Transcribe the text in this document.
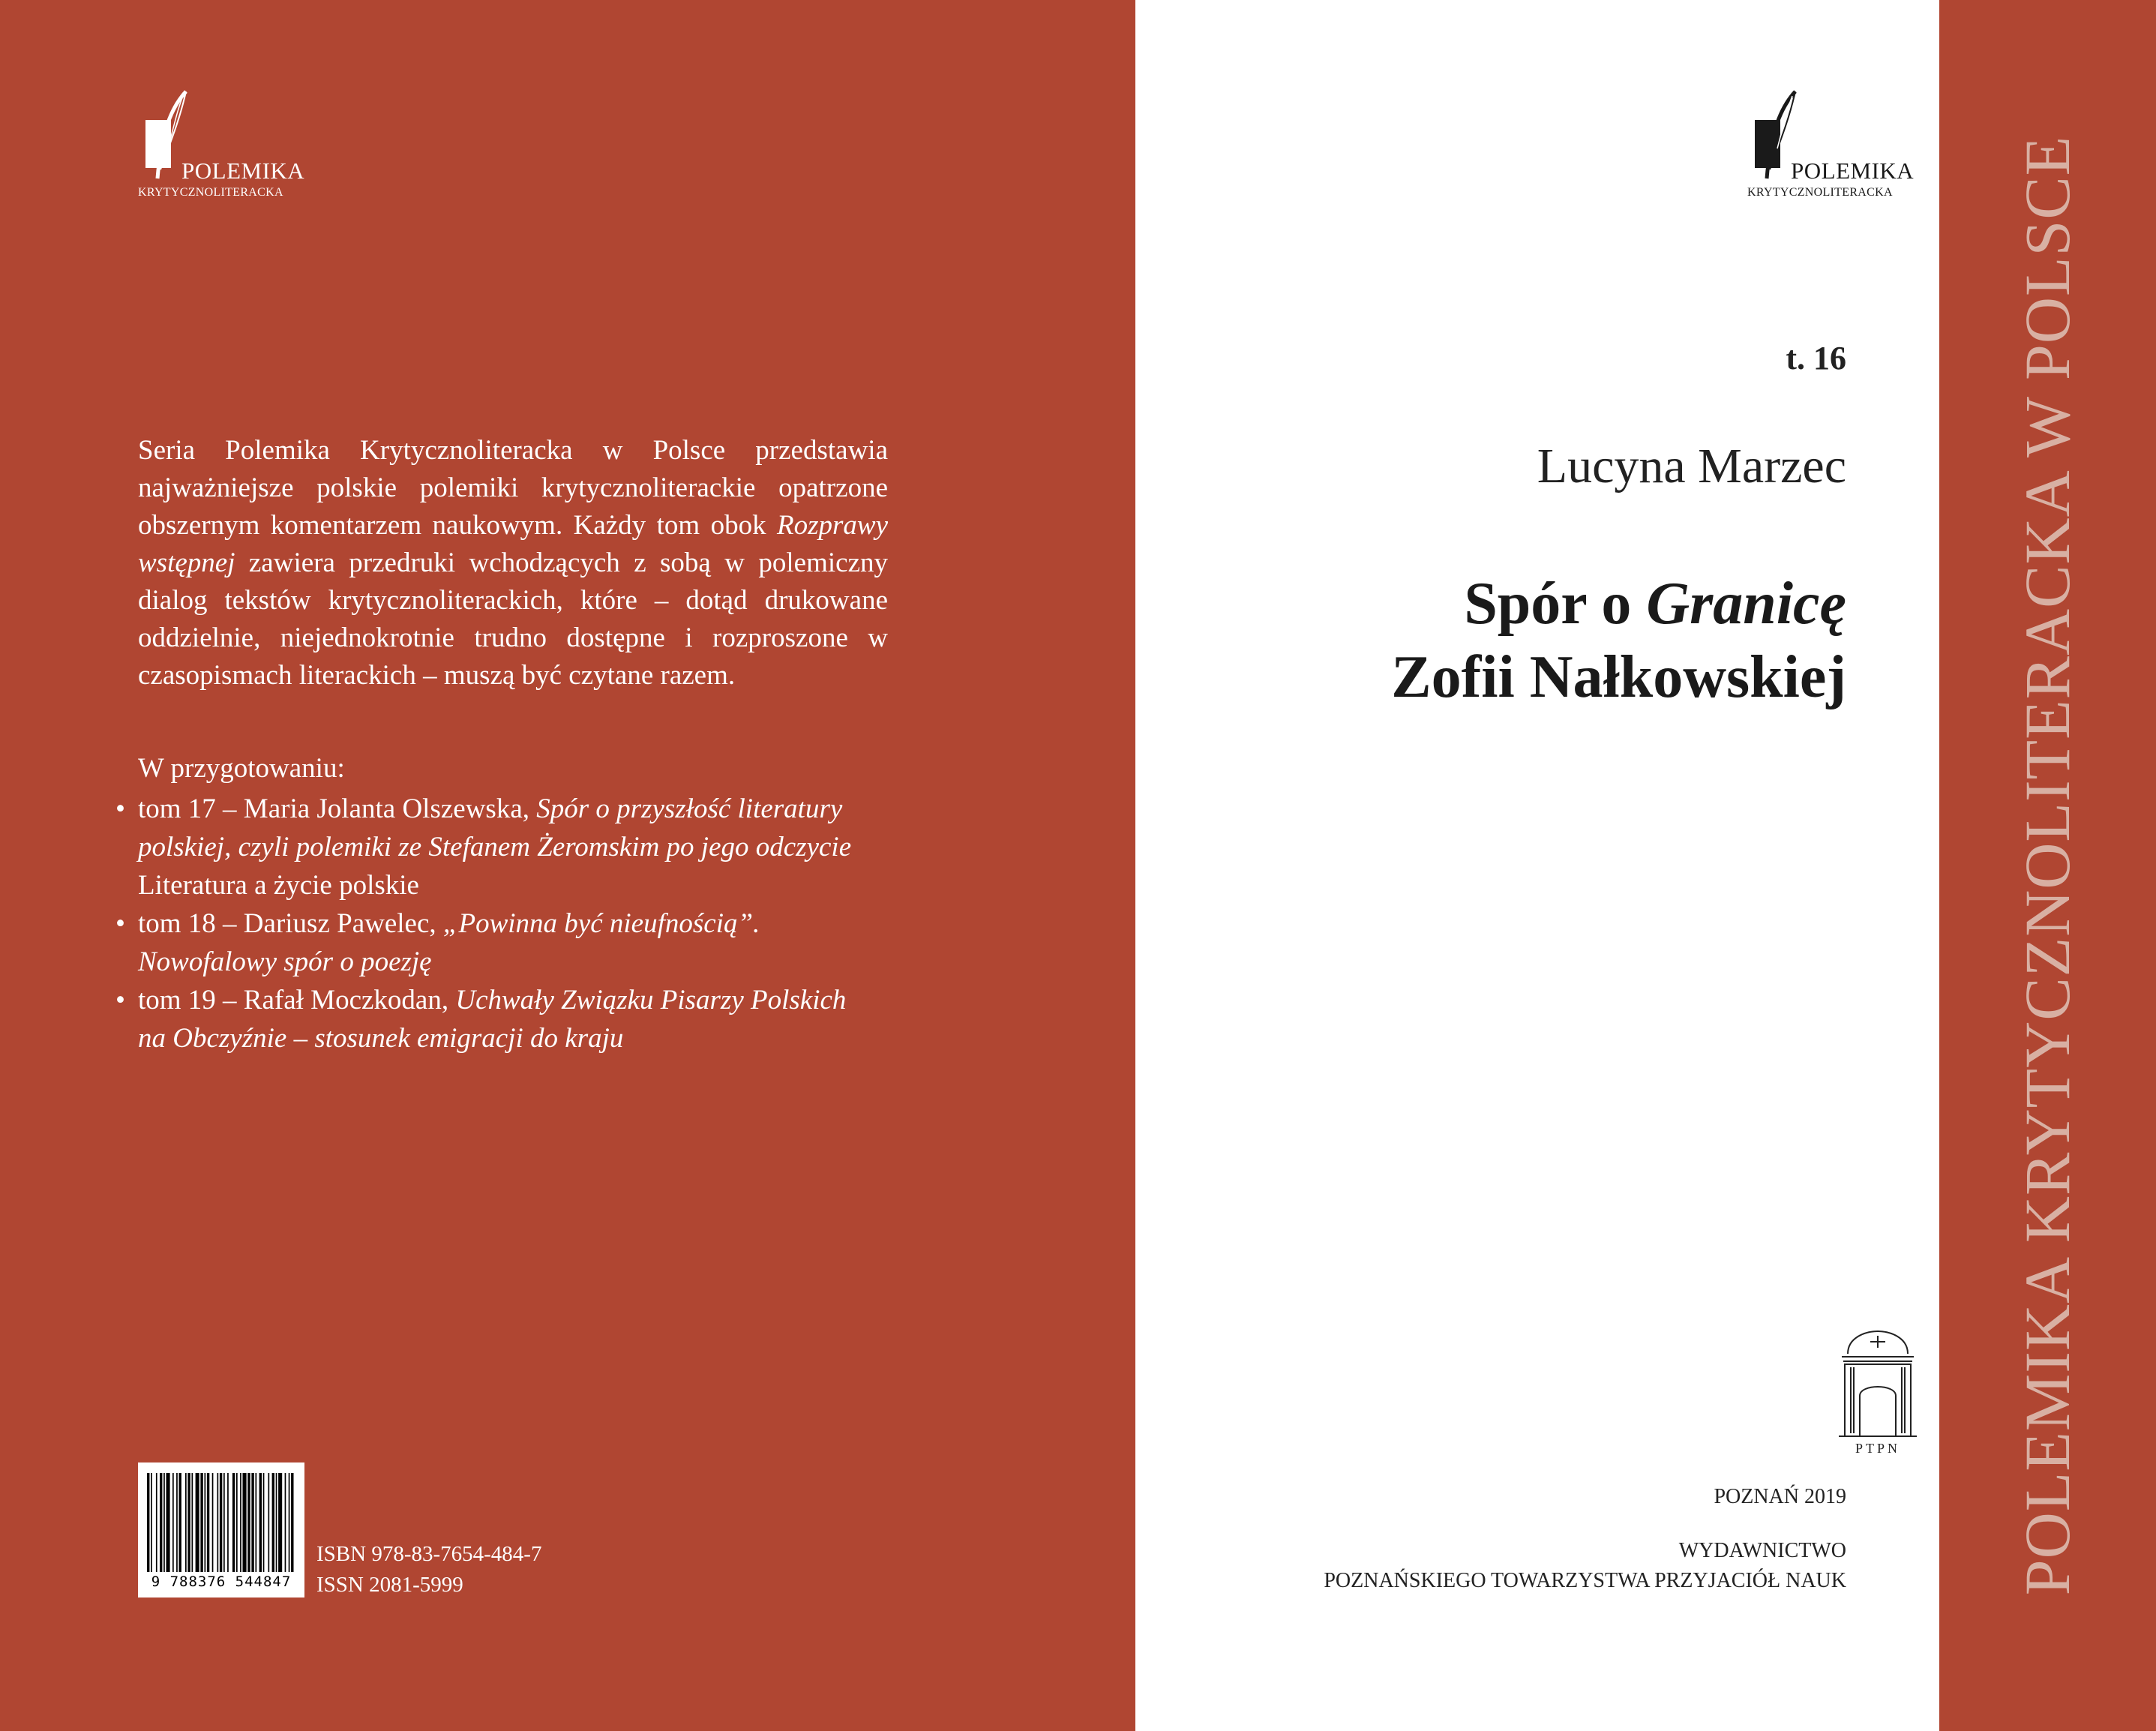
POLEMIKA
KRYTYCZNOLITERACKA

Seria Polemika Krytycznoliteracka w Polsce przedstawia najważniejsze polskie polemiki krytycznoliterackie opatrzone obszernym komentarzem naukowym. Każdy tom obok Rozprawy wstępnej zawiera przedruki wchodzących z sobą w polemiczny dialog tekstów krytycznoliterackich, które – dotąd drukowane oddzielnie, niejednokrotnie trudno dostępne i rozproszone w czasopismach literackich – muszą być czytane razem.

W przygotowaniu:
• tom 17 – Maria Jolanta Olszewska, Spór o przyszłość literatury polskiej, czyli polemiki ze Stefanem Żeromskim po jego odczycie Literatura a życie polskie
• tom 18 – Dariusz Pawelec, „Powinna być nieufnością”. Nowofalowy spór o poezję
• tom 19 – Rafał Moczkodan, Uchwały Związku Pisarzy Polskich na Obczyźnie – stosunek emigracji do kraju
9 788376 544847
ISBN 978-83-7654-484-7
ISSN 2081-5999
POLEMIKA
KRYTYCZNOLITERACKA
t. 16
Lucyna Marzec
Spór o Granicę
Zofii Nałkowskiej
PTPN
POZNAŃ 2019
WYDAWNICTWO
POZNAŃSKIEGO TOWARZYSTWA PRZYJACIÓŁ NAUK	POLEMIKA KRYTYCZNOLITERACKA W POLSCE
